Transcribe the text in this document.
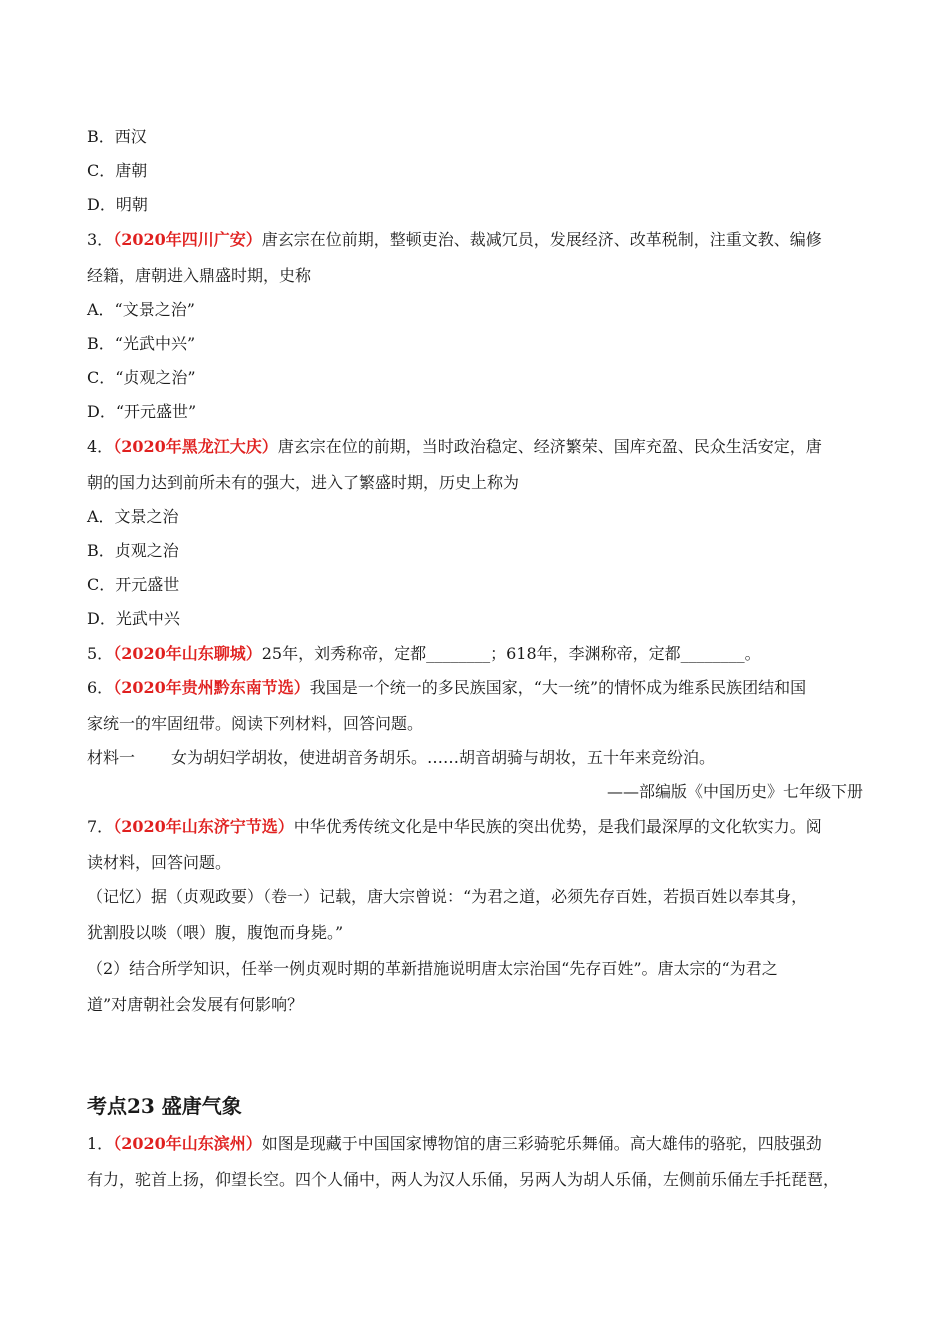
B．西汉
C．唐朝
D．明朝
3．（2020年四川广安）唐玄宗在位前期，整顿吏治、裁减冗员，发展经济、改革税制，注重文教、编修
经籍，唐朝进入鼎盛时期，史称
A．“文景之治”
B．“光武中兴”
C．“贞观之治”
D．“开元盛世”
4．（2020年黑龙江大庆）唐玄宗在位的前期，当时政治稳定、经济繁荣、国库充盈、民众生活安定，唐
朝的国力达到前所未有的强大，进入了繁盛时期，历史上称为
A．文景之治
B．贞观之治
C．开元盛世
D．光武中兴
5．（2020年山东聊城）25年，刘秀称帝，定都________；618年，李渊称帝，定都________。
6．（2020年贵州黔东南节选）我国是一个统一的多民族国家，“大一统”的情怀成为维系民族团结和国
家统一的牢固纽带。阅读下列材料，回答问题。
材料一 女为胡妇学胡妆，使进胡音务胡乐。……胡音胡骑与胡妆，五十年来竞纷泊。
——部编版《中国历史》七年级下册
7．（2020年山东济宁节选）中华优秀传统文化是中华民族的突出优势，是我们最深厚的文化软实力。阅
读材料，回答问题。
（记忆）据（贞观政要）（卷一）记载，唐大宗曾说：“为君之道，必须先存百姓，若损百姓以奉其身，
犹割股以啖（喂）腹，腹饱而身毙。”
（2）结合所学知识，任举一例贞观时期的革新措施说明唐太宗治国“先存百姓”。唐太宗的“为君之
道”对唐朝社会发展有何影响？
考点23 盛唐气象
1．（2020年山东滨州）如图是现藏于中国国家博物馆的唐三彩骑驼乐舞俑。高大雄伟的骆驼，四肢强劲
有力，驼首上扬，仰望长空。四个人俑中，两人为汉人乐俑，另两人为胡人乐俑，左侧前乐俑左手托琵琶，
